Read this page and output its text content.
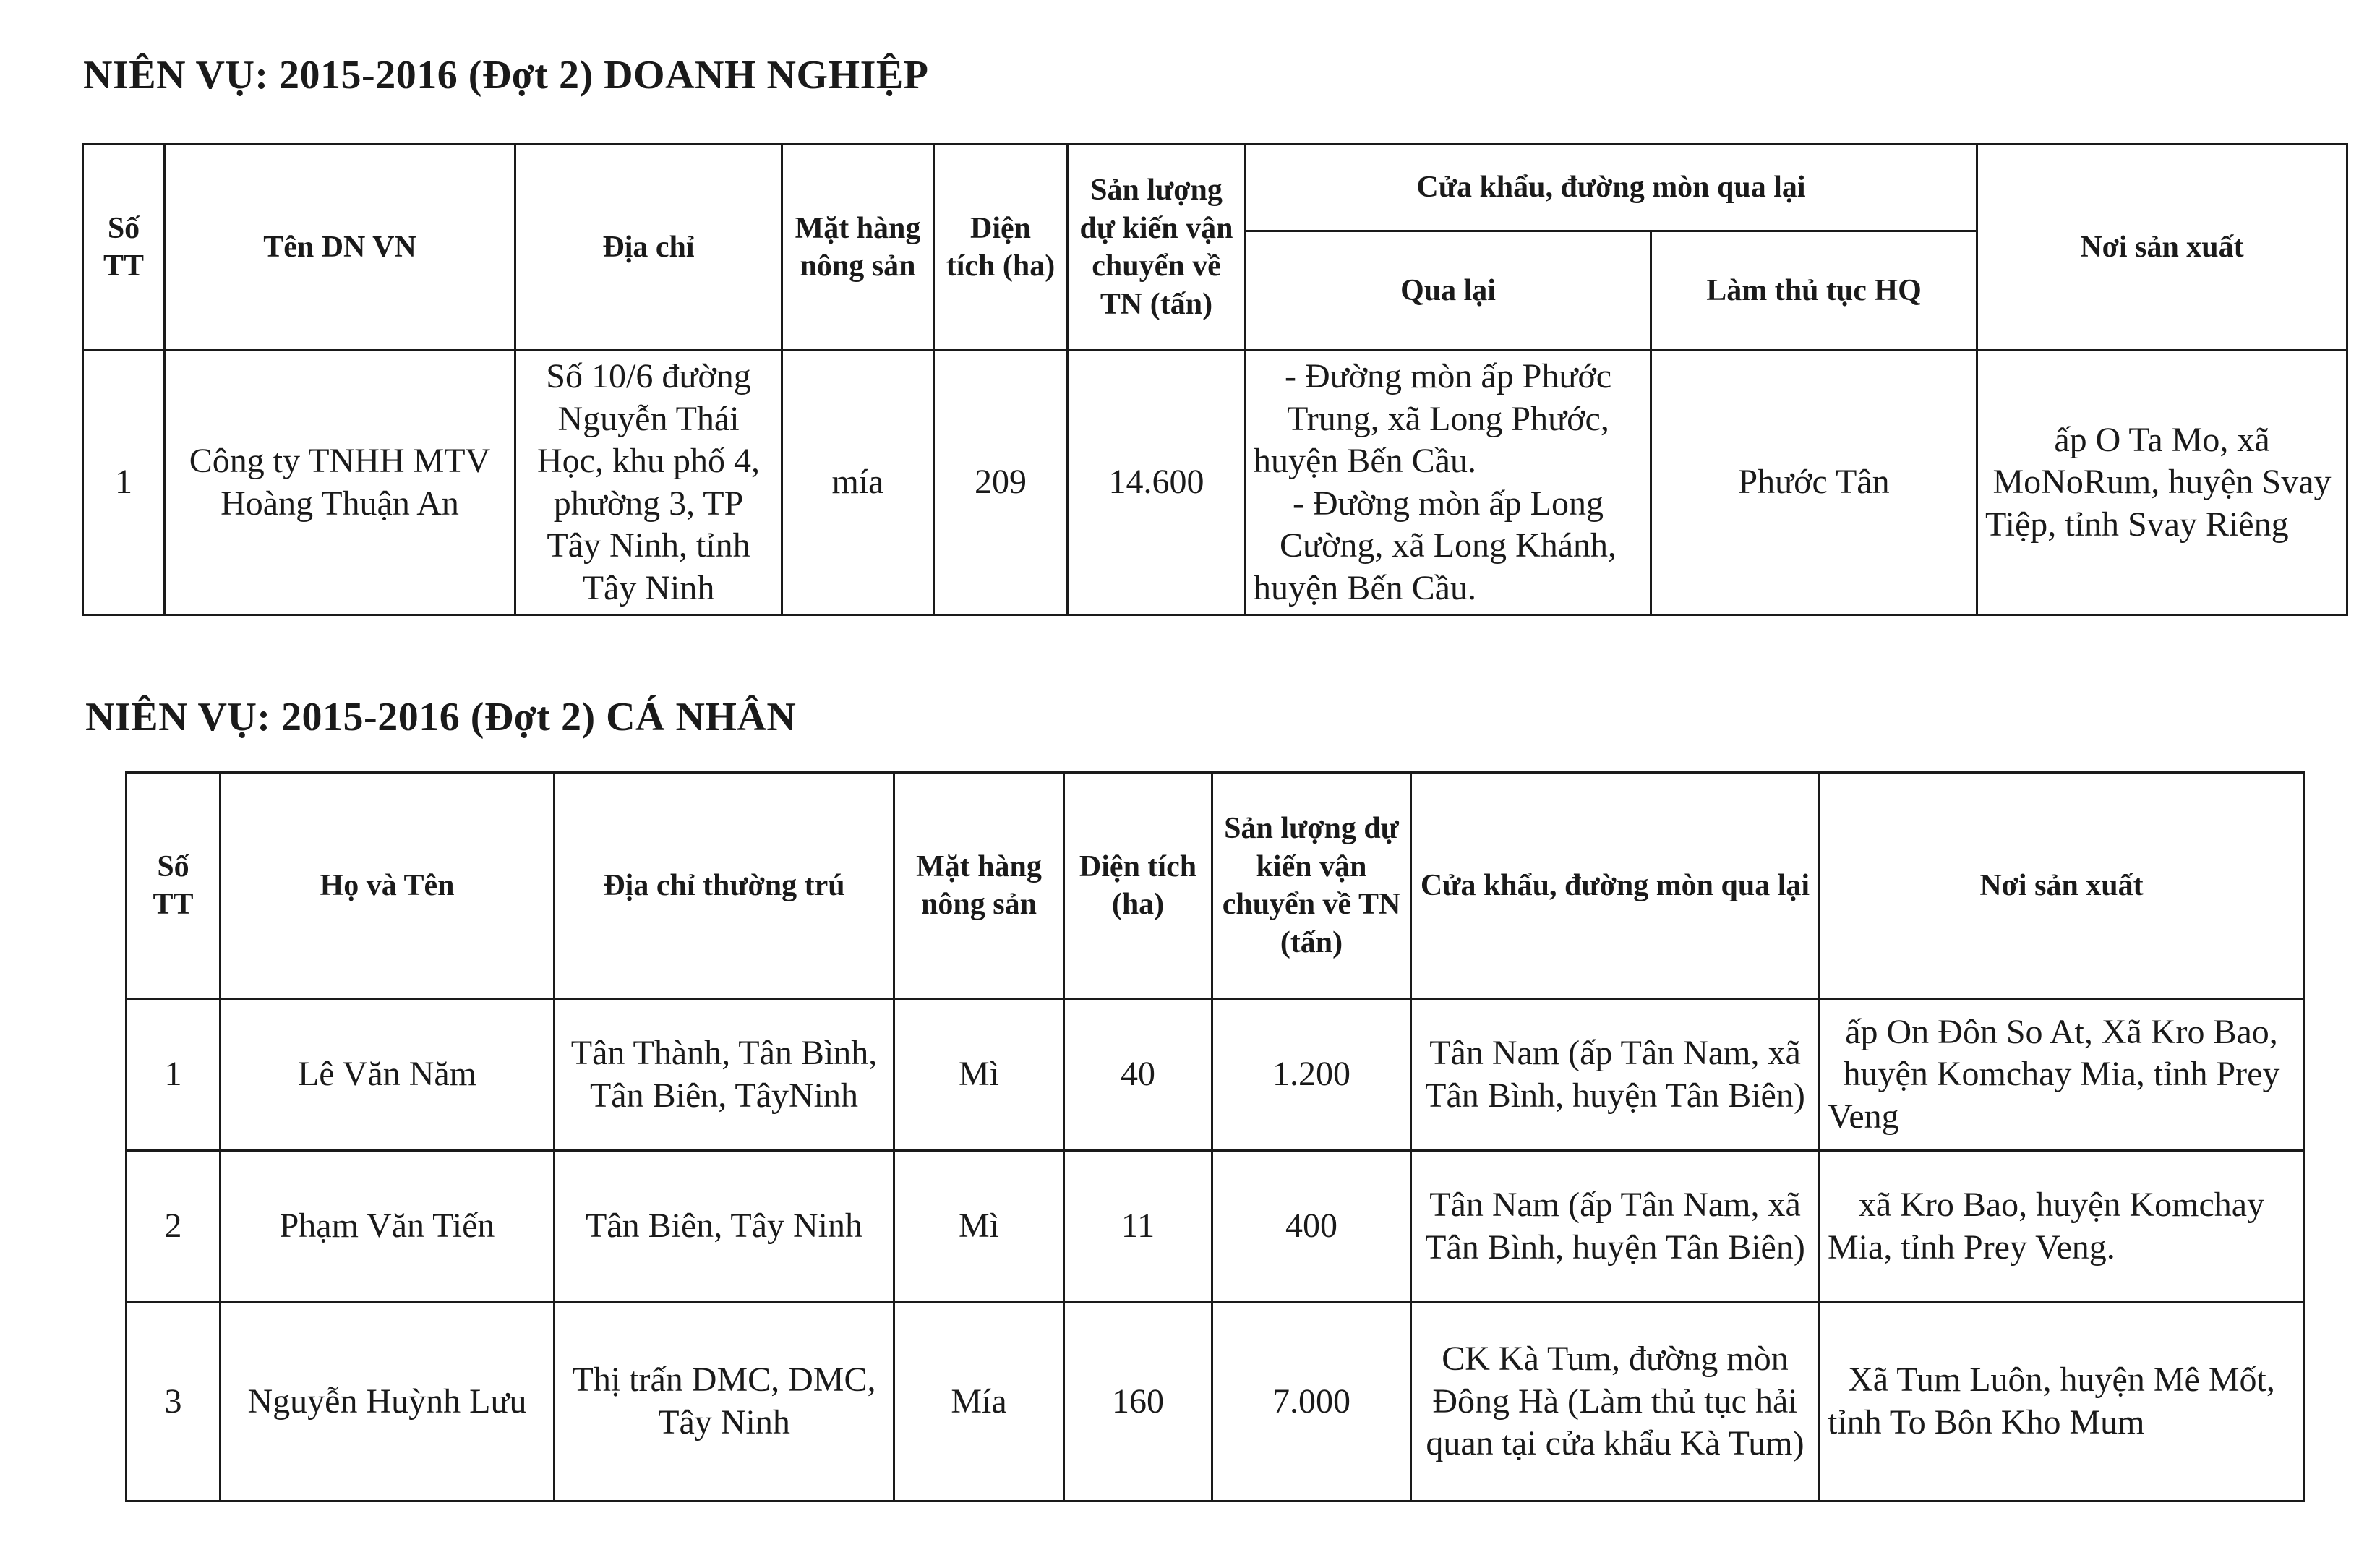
NIÊN VỤ: 2015-2016 (Đợt 2) DOANH NGHIỆP
Số TT	Tên DN VN	Địa chỉ	Mặt hàng nông sản	Diện tích (ha)	Sản lượng dự kiến vận chuyển về TN (tấn)	Cửa khẩu, đường mòn qua lại		Nơi sản xuất
						Qua lại	Làm thủ tục HQ	
1	Công ty TNHH MTV Hoàng Thuận An	Số 10/6 đường Nguyễn Thái Học, khu phố 4, phường 3, TP Tây Ninh, tỉnh Tây Ninh	mía	209	14.600	- Đường mòn ấp Phước Trung, xã Long Phước, huyện Bến Cầu.
- Đường mòn ấp Long Cường, xã Long Khánh, huyện Bến Cầu.	Phước Tân	ấp O Ta Mo, xã MoNoRum, huyện Svay Tiệp, tỉnh Svay Riêng
NIÊN VỤ: 2015-2016 (Đợt 2) CÁ NHÂN
Số TT	Họ và Tên	Địa chỉ thường trú	Mặt hàng nông sản	Diện tích (ha)	Sản lượng dự kiến vận chuyển về TN (tấn)	Cửa khẩu, đường mòn qua lại	Nơi sản xuất
1	Lê Văn Năm	Tân Thành, Tân Bình, Tân Biên, TâyNinh	Mì	40	1.200	Tân Nam (ấp Tân Nam, xã Tân Bình, huyện Tân Biên)	ấp On Đôn So At, Xã Kro Bao, huyện Komchay Mia, tỉnh Prey Veng
2	Phạm Văn Tiến	Tân Biên, Tây Ninh	Mì	11	400	Tân Nam (ấp Tân Nam, xã Tân Bình, huyện Tân Biên)	xã Kro Bao, huyện Komchay Mia, tỉnh Prey Veng.
3	Nguyễn Huỳnh Lưu	Thị trấn DMC, DMC, Tây Ninh	Mía	160	7.000	CK Kà Tum, đường mòn Đông Hà (Làm thủ tục hải quan tại cửa khẩu Kà Tum)	Xã Tum Luôn, huyện Mê Mốt, tỉnh To Bôn Kho Mum
